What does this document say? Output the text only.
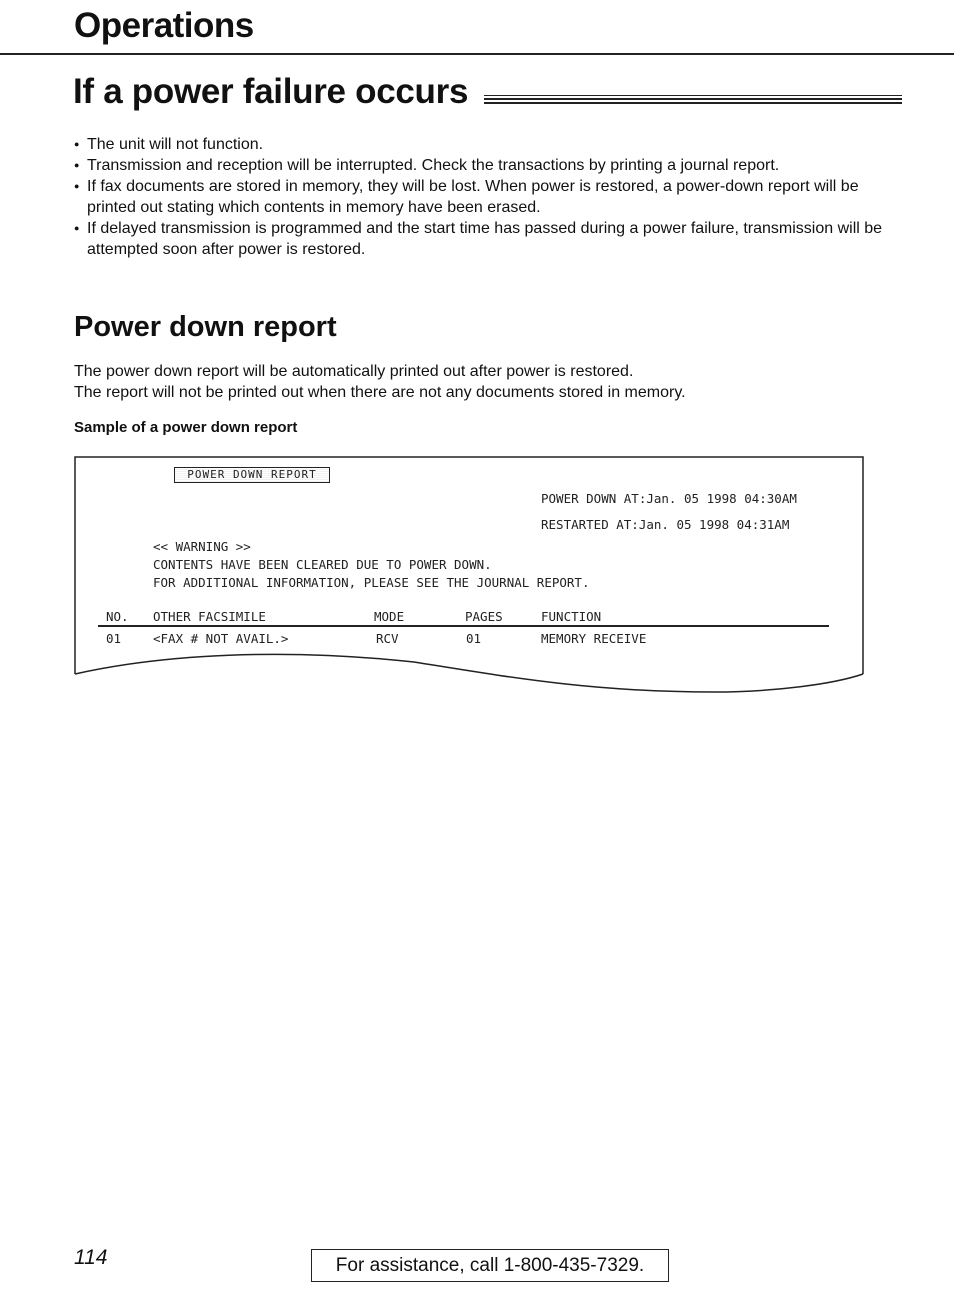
Operations
If a power failure occurs
● The unit will not function.
● Transmission and reception will be interrupted. Check the transactions by printing a journal report.
● If fax documents are stored in memory, they will be lost. When power is restored, a power-down report will be printed out stating which contents in memory have been erased.
● If delayed transmission is programmed and the start time has passed during a power failure, transmission will be attempted soon after power is restored.
Power down report
The power down report will be automatically printed out after power is restored.
The report will not be printed out when there are not any documents stored in memory.
Sample of a power down report
POWER DOWN REPORT
POWER DOWN AT:Jan. 05 1998 04:30AM
RESTARTED AT:Jan. 05 1998 04:31AM
<< WARNING >>
CONTENTS HAVE BEEN CLEARED DUE TO POWER DOWN.
FOR ADDITIONAL INFORMATION, PLEASE SEE THE JOURNAL REPORT.
NO. OTHER FACSIMILE	MODE	PAGES	FUNCTION
01	<FAX # NOT AVAIL.>	RCV	01	MEMORY RECEIVE
114	For assistance, call 1-800-435-7329.
